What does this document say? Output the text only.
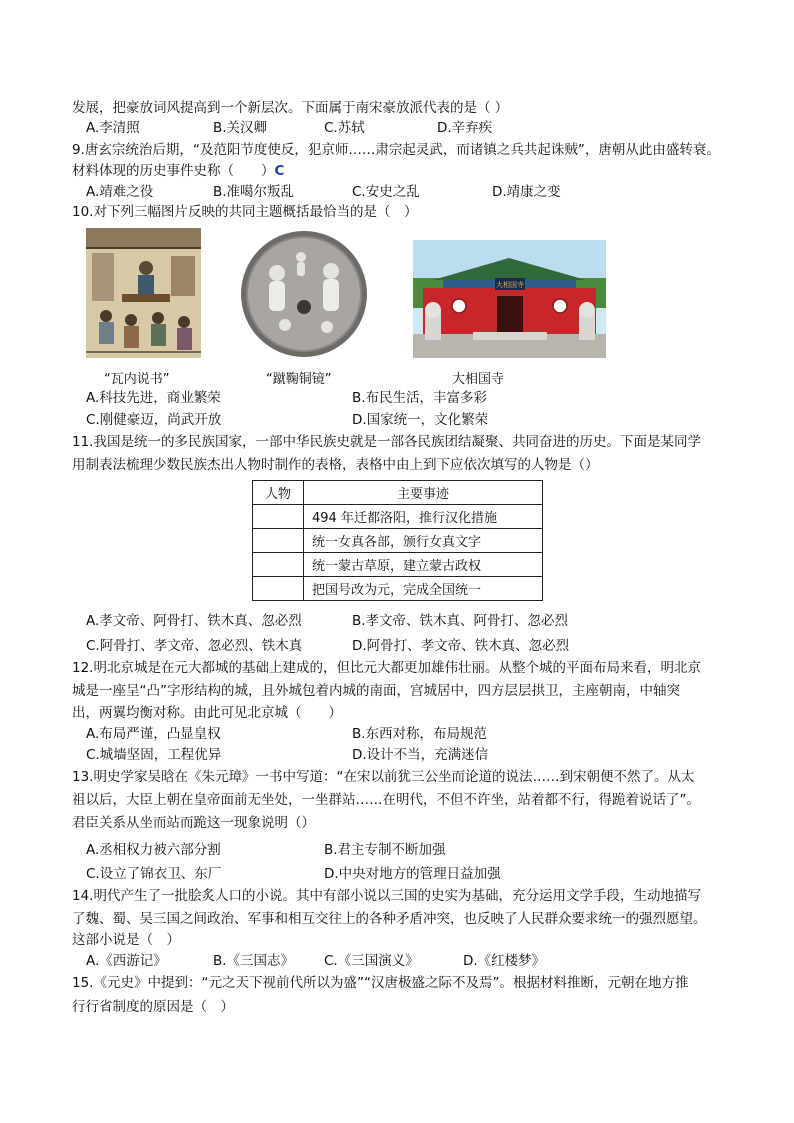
发展，把豪放词风提高到一个新层次。下面属于南宋豪放派代表的是（ ）
A.李清照	B.关汉卿	C.苏轼	D.辛弃疾
9.唐玄宗统治后期，“及范阳节度使反，犯京师……肃宗起灵武，而诸镇之兵共起诛贼”，唐朝从此由盛转衰。
材料体现的历史事件史称（　　）C
A.靖难之役	B.准噶尔叛乱	C.安史之乱	D.靖康之变
10.对下列三幅图片反映的共同主题概括最恰当的是（　）
大相国寺
“瓦内说书”	“蹴鞠铜镜”	大相国寺
A.科技先进，商业繁荣	B.布民生活，丰富多彩
C.刚健豪迈，尚武开放	D.国家统一，文化繁荣
11.我国是统一的多民族国家，一部中华民族史就是一部各民族团结凝聚、共同奋进的历史。下面是某同学
用制表法梳理少数民族杰出人物时制作的表格，表格中由上到下应依次填写的人物是（）
人物	主要事迹
	494 年迁都洛阳，推行汉化措施
	统一女真各部，颁行女真文字
	统一蒙古草原，建立蒙古政权
	把国号改为元，完成全国统一
A.孝文帝、阿骨打、铁木真、忽必烈	B.孝文帝、铁木真、阿骨打、忽必烈
C.阿骨打、孝文帝、忽必烈、铁木真	D.阿骨打、孝文帝、铁木真、忽必烈
12.明北京城是在元大都城的基础上建成的，但比元大都更加雄伟壮丽。从整个城的平面布局来看，明北京
城是一座呈“凸”字形结构的城，且外城包着内城的南面，宫城居中，四方层层拱卫，主座朝南，中轴突
出，两翼均衡对称。由此可见北京城（　　）
A.布局严谨，凸显皇权	B.东西对称，布局规范
C.城墙坚固，工程优异	D.设计不当，充满迷信
13.明史学家吴晗在《朱元璋》一书中写道：“在宋以前犹三公坐而论道的说法……到宋朝便不然了。从太
祖以后，大臣上朝在皇帝面前无坐处，一坐群站……在明代，不但不许坐，站着都不行，得跪着说话了”。
君臣关系从坐而站而跪这一现象说明（）
A.丞相权力被六部分割	B.君主专制不断加强
C.设立了锦衣卫、东厂	D.中央对地方的管理日益加强
14.明代产生了一批脍炙人口的小说。其中有部小说以三国的史实为基础，充分运用文学手段，生动地描写
了魏、蜀、吴三国之间政治、军事和相互交往上的各种矛盾冲突，也反映了人民群众要求统一的强烈愿望。
这部小说是（　）
A.《西游记》	B.《三国志》 C.《三国演义》	D.《红楼梦》
15.《元史》中提到：“元之天下视前代所以为盛”“汉唐极盛之际不及焉”。根据材料推断，元朝在地方推
行行省制度的原因是（　）
